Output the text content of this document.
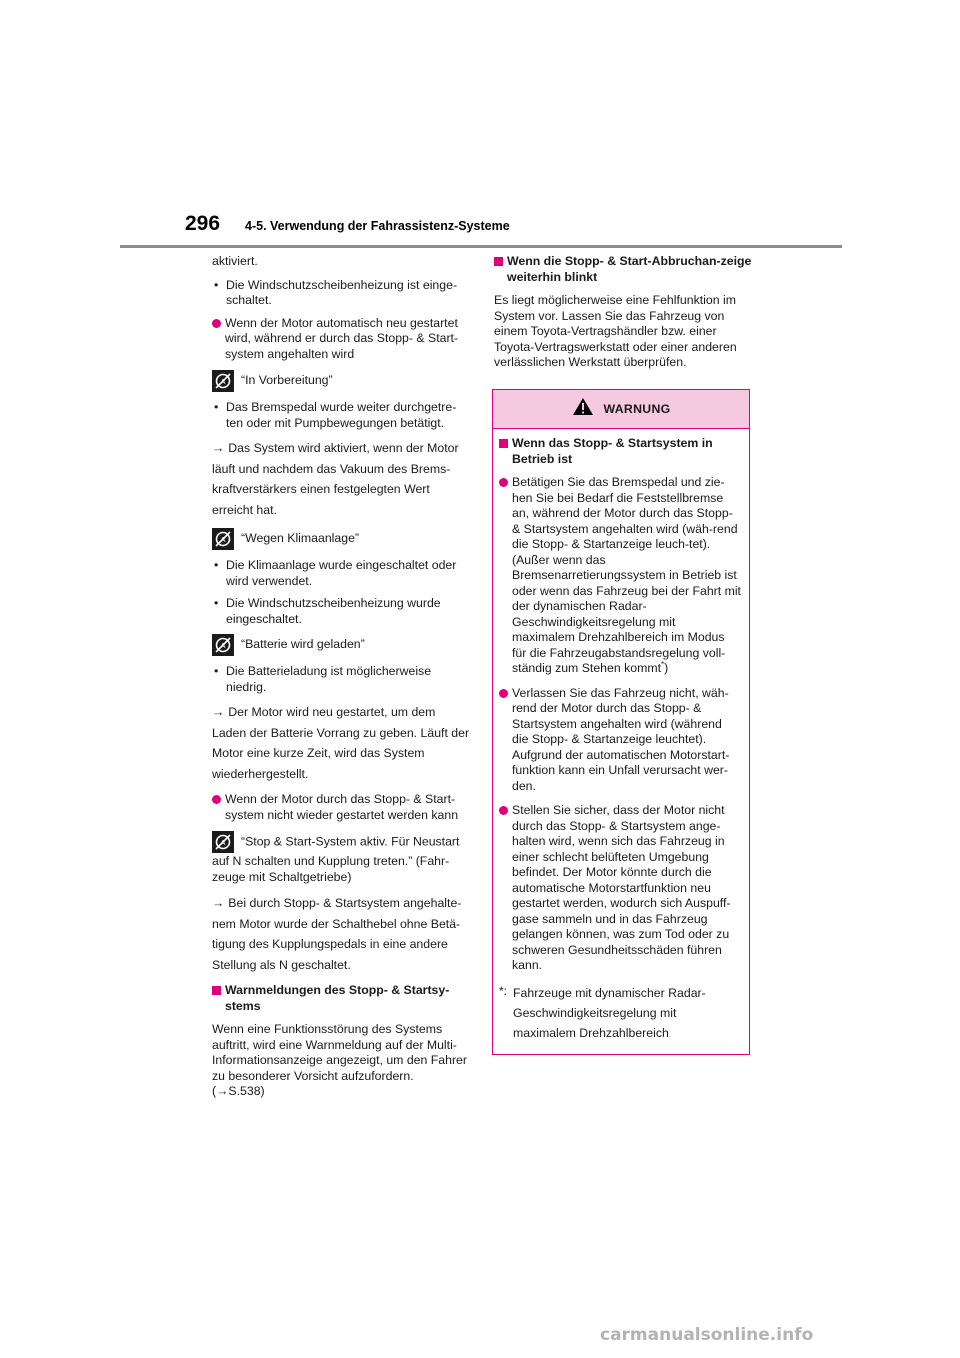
296 4-5. Verwendung der Fahrassistenz-Systeme

aktiviert.

• Die Windschutzscheibenheizung ist einge-schaltet.

Wenn der Motor automatisch neu gestartet wird, während er durch das Stopp- & Start-system angehalten wird
A “In Vorbereitung”

• Das Bremspedal wurde weiter durchgetre-ten oder mit Pumpbewegungen betätigt.

→ Das System wird aktiviert, wenn der Motor läuft und nachdem das Vakuum des Brems-kraftverstärkers einen festgelegten Wert erreicht hat.

A “Wegen Klimaanlage”

• Die Klimaanlage wurde eingeschaltet oder wird verwendet.

• Die Windschutzscheibenheizung wurde eingeschaltet.

A “Batterie wird geladen”

• Die Batterieladung ist möglicherweise niedrig.

→ Der Motor wird neu gestartet, um dem Laden der Batterie Vorrang zu geben. Läuft der Motor eine kurze Zeit, wird das System wiederhergestellt.

Wenn der Motor durch das Stopp- & Start-system nicht wieder gestartet werden kann
A “Stop & Start-System aktiv. Für Neustart auf N schalten und Kupplung treten.” (Fahr-zeuge mit Schaltgetriebe)

→ Bei durch Stopp- & Startsystem angehalte-nem Motor wurde der Schalthebel ohne Betä-tigung des Kupplungspedals in eine andere Stellung als N geschaltet.

Warnmeldungen des Stopp- & Startsy-stems

Wenn eine Funktionsstörung des Systems auftritt, wird eine Warnmeldung auf der Multi-Informationsanzeige angezeigt, um den Fahrer zu besonderer Vorsicht aufzufordern.
(→S.538)

Wenn die Stopp- & Start-Abbruchan-zeige weiterhin blinkt

Es liegt möglicherweise eine Fehlfunktion im System vor. Lassen Sie das Fahrzeug von einem Toyota-Vertragshändler bzw. einer Toyota-Vertragswerkstatt oder einer anderen verlässlichen Werkstatt überprüfen.

WARNUNG
Wenn das Stopp- & Startsystem in Betrieb ist
Betätigen Sie das Bremspedal und zie-hen Sie bei Bedarf die Feststellbremse an, während der Motor durch das Stopp- & Startsystem angehalten wird (wäh-rend die Stopp- & Startanzeige leuch-tet). (Außer wenn das Bremsenarretierungssystem in Betrieb ist oder wenn das Fahrzeug bei der Fahrt mit der dynamischen Radar-Geschwindigkeitsregelung mit maximalem Drehzahlbereich im Modus für die Fahrzeugabstandsregelung voll-ständig zum Stehen kommt*)
Verlassen Sie das Fahrzeug nicht, wäh-rend der Motor durch das Stopp- & Startsystem angehalten wird (während die Stopp- & Startanzeige leuchtet). Aufgrund der automatischen Motorstart-funktion kann ein Unfall verursacht wer-den.
Stellen Sie sicher, dass der Motor nicht durch das Stopp- & Startsystem ange-halten wird, wenn sich das Fahrzeug in einer schlecht belüfteten Umgebung befindet. Der Motor könnte durch die automatische Motorstartfunktion neu gestartet werden, wodurch sich Auspuff-gase sammeln und in das Fahrzeug gelangen können, was zum Tod oder zu schweren Gesundheitsschäden führen kann.
*: Fahrzeuge mit dynamischer Radar-Geschwindigkeitsregelung mit maximalem Drehzahlbereich
carmanualsonline.info
